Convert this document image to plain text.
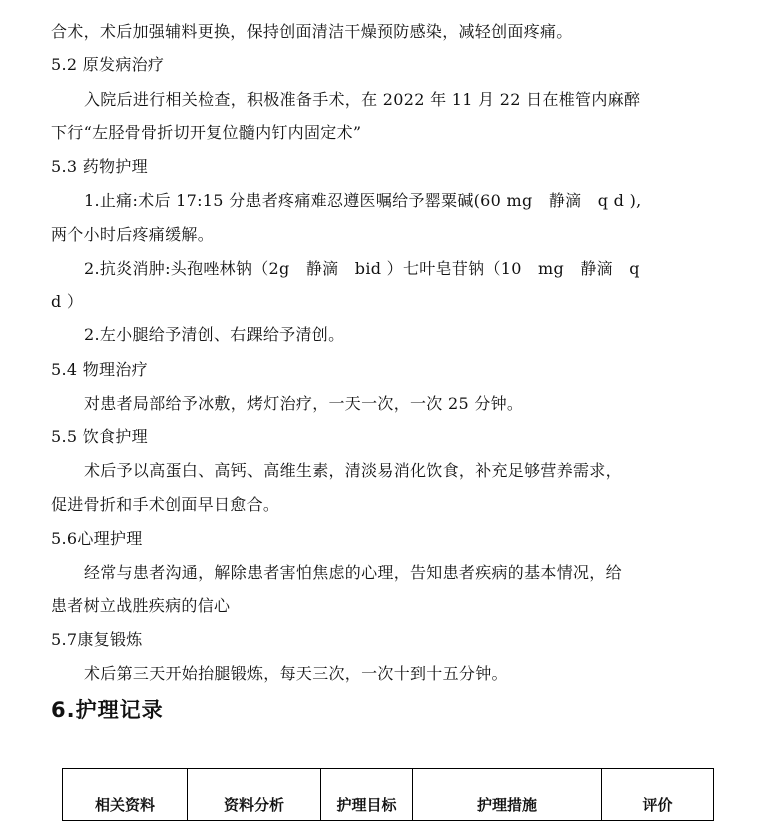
合术，术后加强辅料更换，保持创面清洁干燥预防感染，减轻创面疼痛。

5.2 原发病治疗

入院后进行相关检查，积极准备手术，在 2022 年 11 月 22 日在椎管内麻醉

下行“左胫骨骨折切开复位髓内钉内固定术”

5.3 药物护理

1.止痛:术后 17:15 分患者疼痛难忍遵医嘱给予罂粟碱(60 mg　静滴　q d ),

两个小时后疼痛缓解。

2.抗炎消肿:头孢唑林钠（2g　静滴　bid ）七叶皂苷钠（10　mg　静滴　q

d ）

2.左小腿给予清创、右踝给予清创。

5.4 物理治疗

对患者局部给予冰敷，烤灯治疗，一天一次，一次 25 分钟。

5.5 饮食护理

术后予以高蛋白、高钙、高维生素，清淡易消化饮食，补充足够营养需求，

促进骨折和手术创面早日愈合。

5.6心理护理

经常与患者沟通，解除患者害怕焦虑的心理，告知患者疾病的基本情况，给

患者树立战胜疾病的信心

5.7康复锻炼

术后第三天开始抬腿锻炼，每天三次，一次十到十五分钟。

6.护理记录
相关资料	资料分析	护理目标	护理措施	评价
